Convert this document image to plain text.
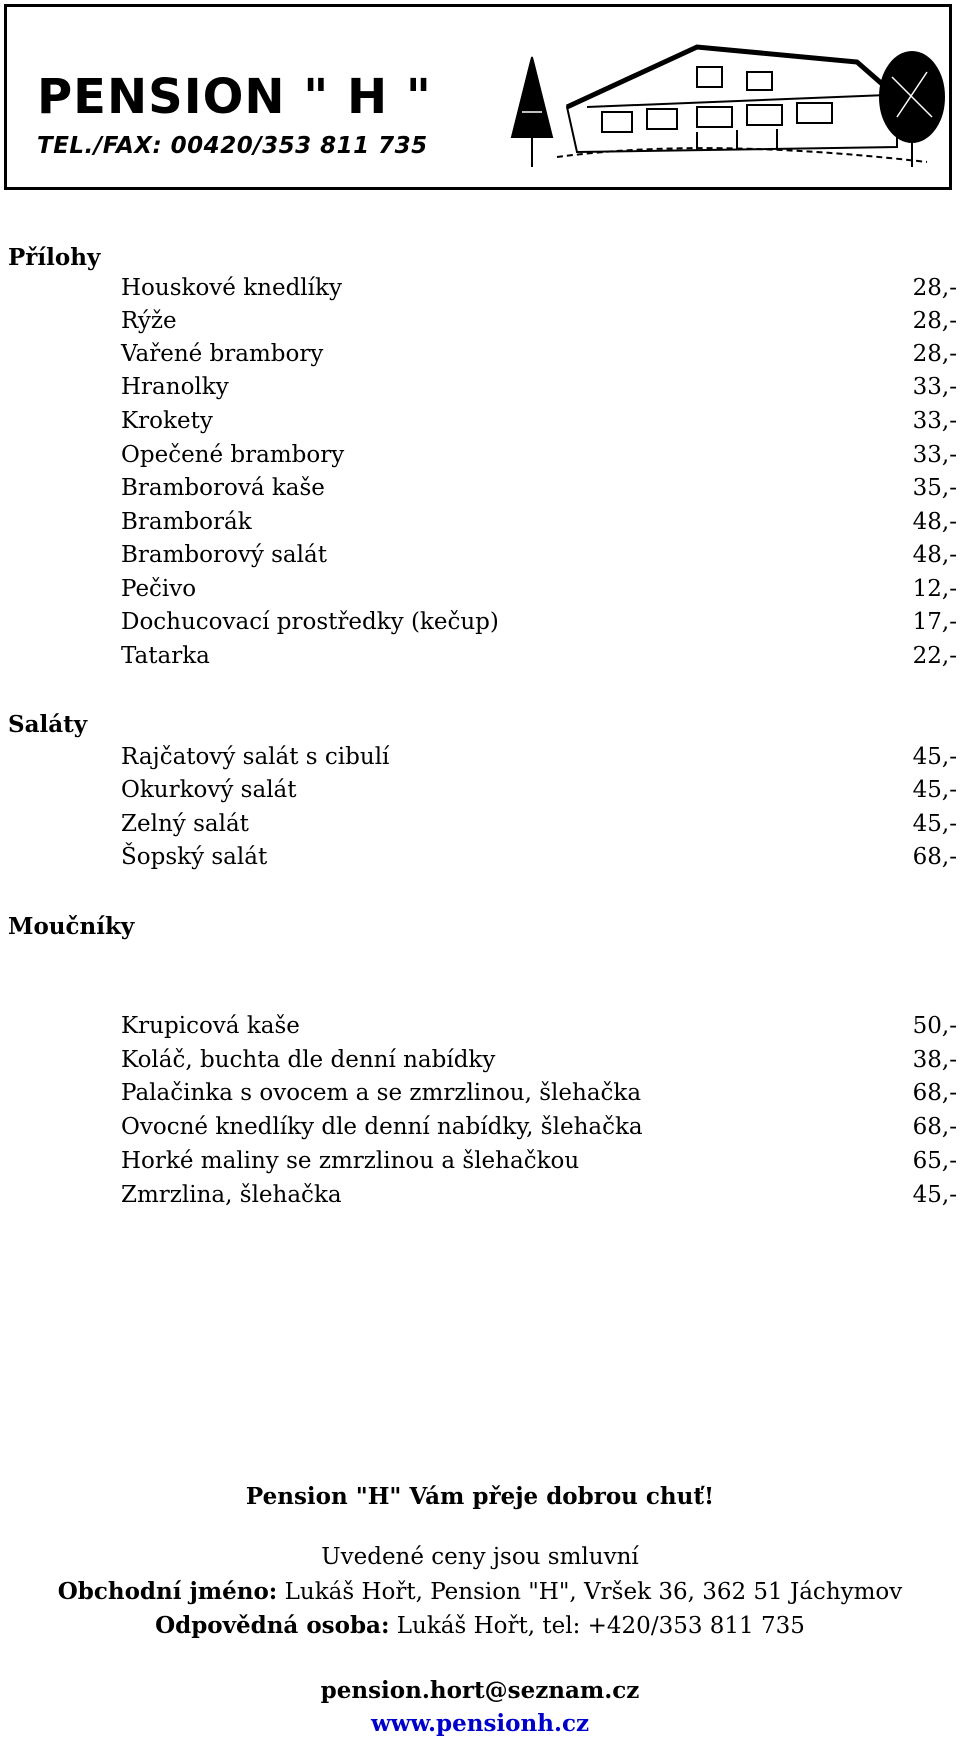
PENSION " H "
TEL./FAX: 00420/353 811 735
Přílohy
Houskové knedlíky	28,-
Rýže	28,-
Vařené brambory	28,-
Hranolky	33,-
Krokety	33,-
Opečené brambory	33,-
Bramborová kaše	35,-
Bramborák	48,-
Bramborový salát	48,-
Pečivo	12,-
Dochucovací prostředky (kečup)	17,-
Tatarka	22,-
Saláty
Rajčatový salát s cibulí	45,-
Okurkový salát	45,-
Zelný salát	45,-
Šopský salát	68,-
Moučníky
Krupicová kaše	50,-
Koláč, buchta dle denní nabídky	38,-
Palačinka s ovocem a se zmrzlinou, šlehačka	68,-
Ovocné knedlíky dle denní nabídky, šlehačka	68,-
Horké maliny se zmrzlinou a šlehačkou	65,-
Zmrzlina, šlehačka	45,-
Pension "H" Vám přeje dobrou chuť!
Uvedené ceny jsou smluvní
Obchodní jméno: Lukáš Hořt, Pension "H", Vršek 36, 362 51 Jáchymov
Odpovědná osoba: Lukáš Hořt, tel: +420/353 811 735
pension.hort@seznam.cz
www.pensionh.cz
